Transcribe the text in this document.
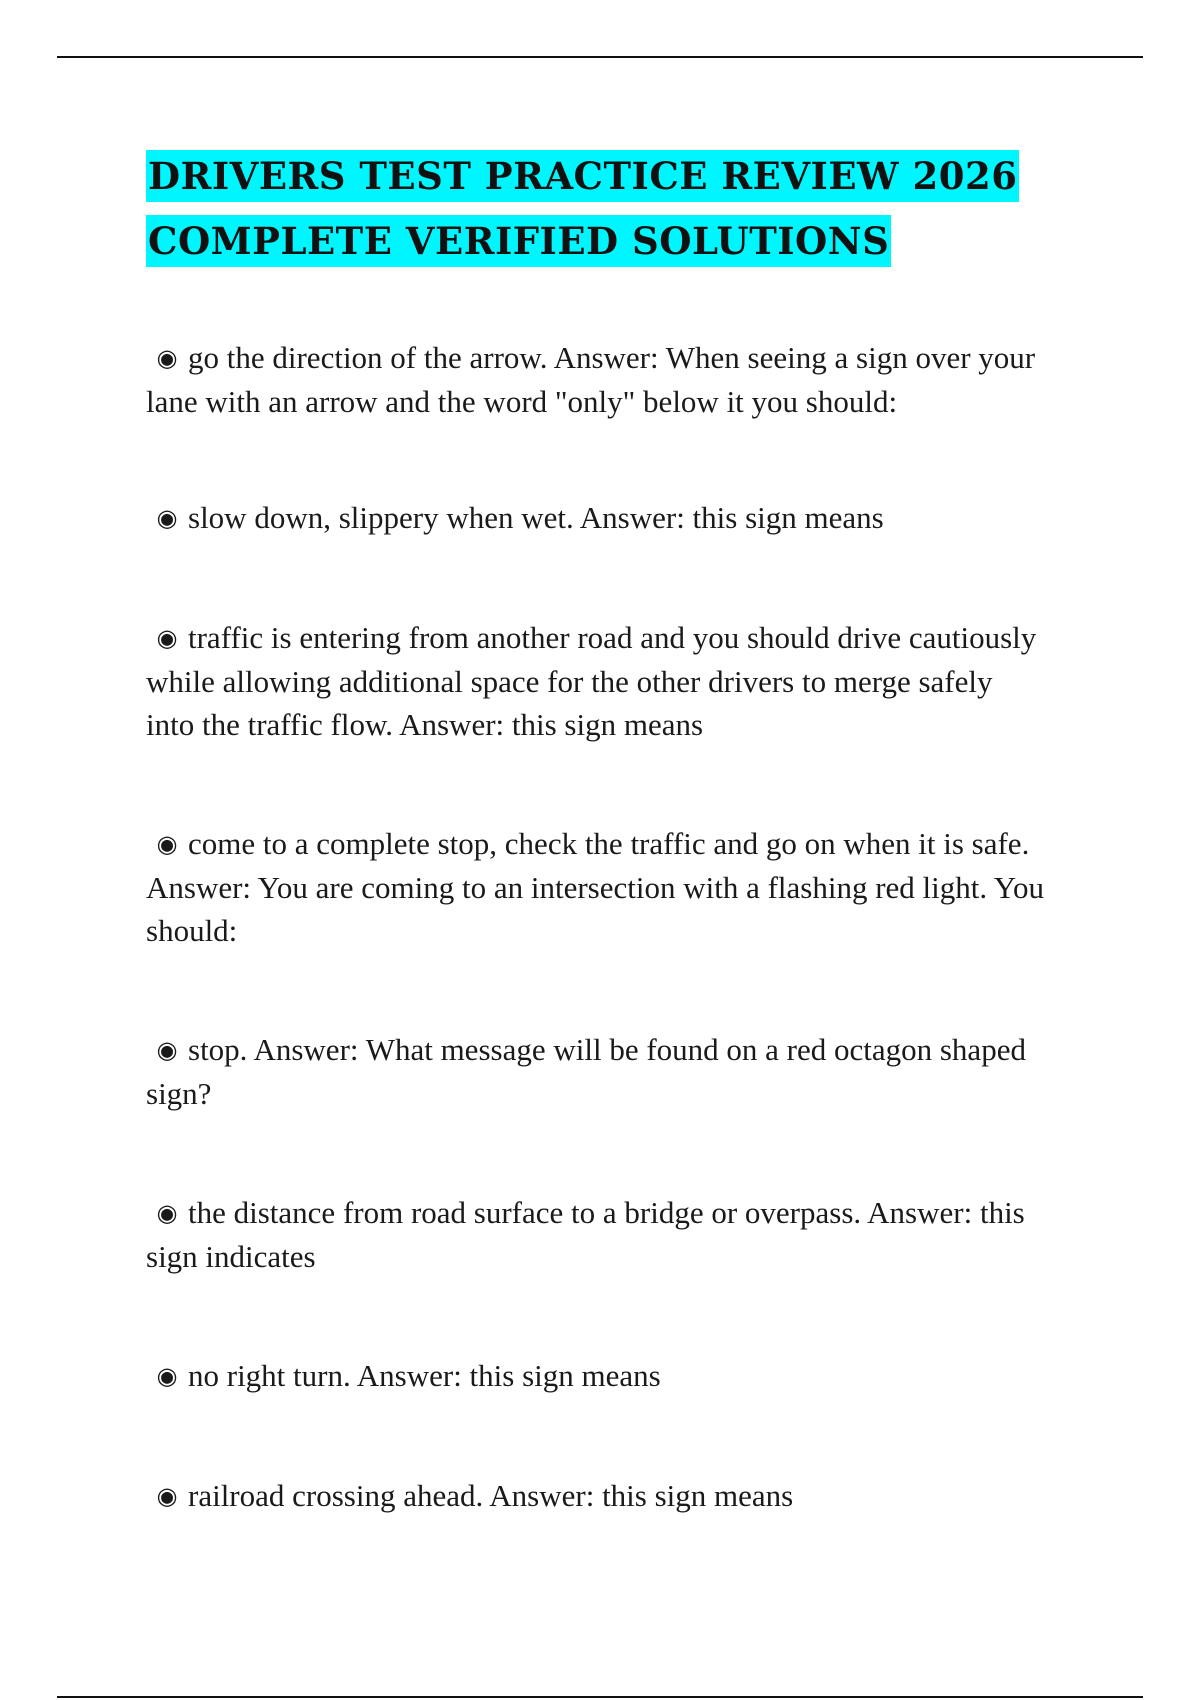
DRIVERS TEST PRACTICE REVIEW 2026
COMPLETE VERIFIED SOLUTIONS
◉ go the direction of the arrow. Answer: When seeing a sign over your lane with an arrow and the word "only" below it you should:
◉ slow down, slippery when wet. Answer: this sign means
◉ traffic is entering from another road and you should drive cautiously while allowing additional space for the other drivers to merge safely into the traffic flow. Answer: this sign means
◉ come to a complete stop, check the traffic and go on when it is safe. Answer: You are coming to an intersection with a flashing red light. You should:
◉ stop. Answer: What message will be found on a red octagon shaped sign?
◉ the distance from road surface to a bridge or overpass. Answer: this sign indicates
◉ no right turn. Answer: this sign means
◉ railroad crossing ahead. Answer: this sign means
